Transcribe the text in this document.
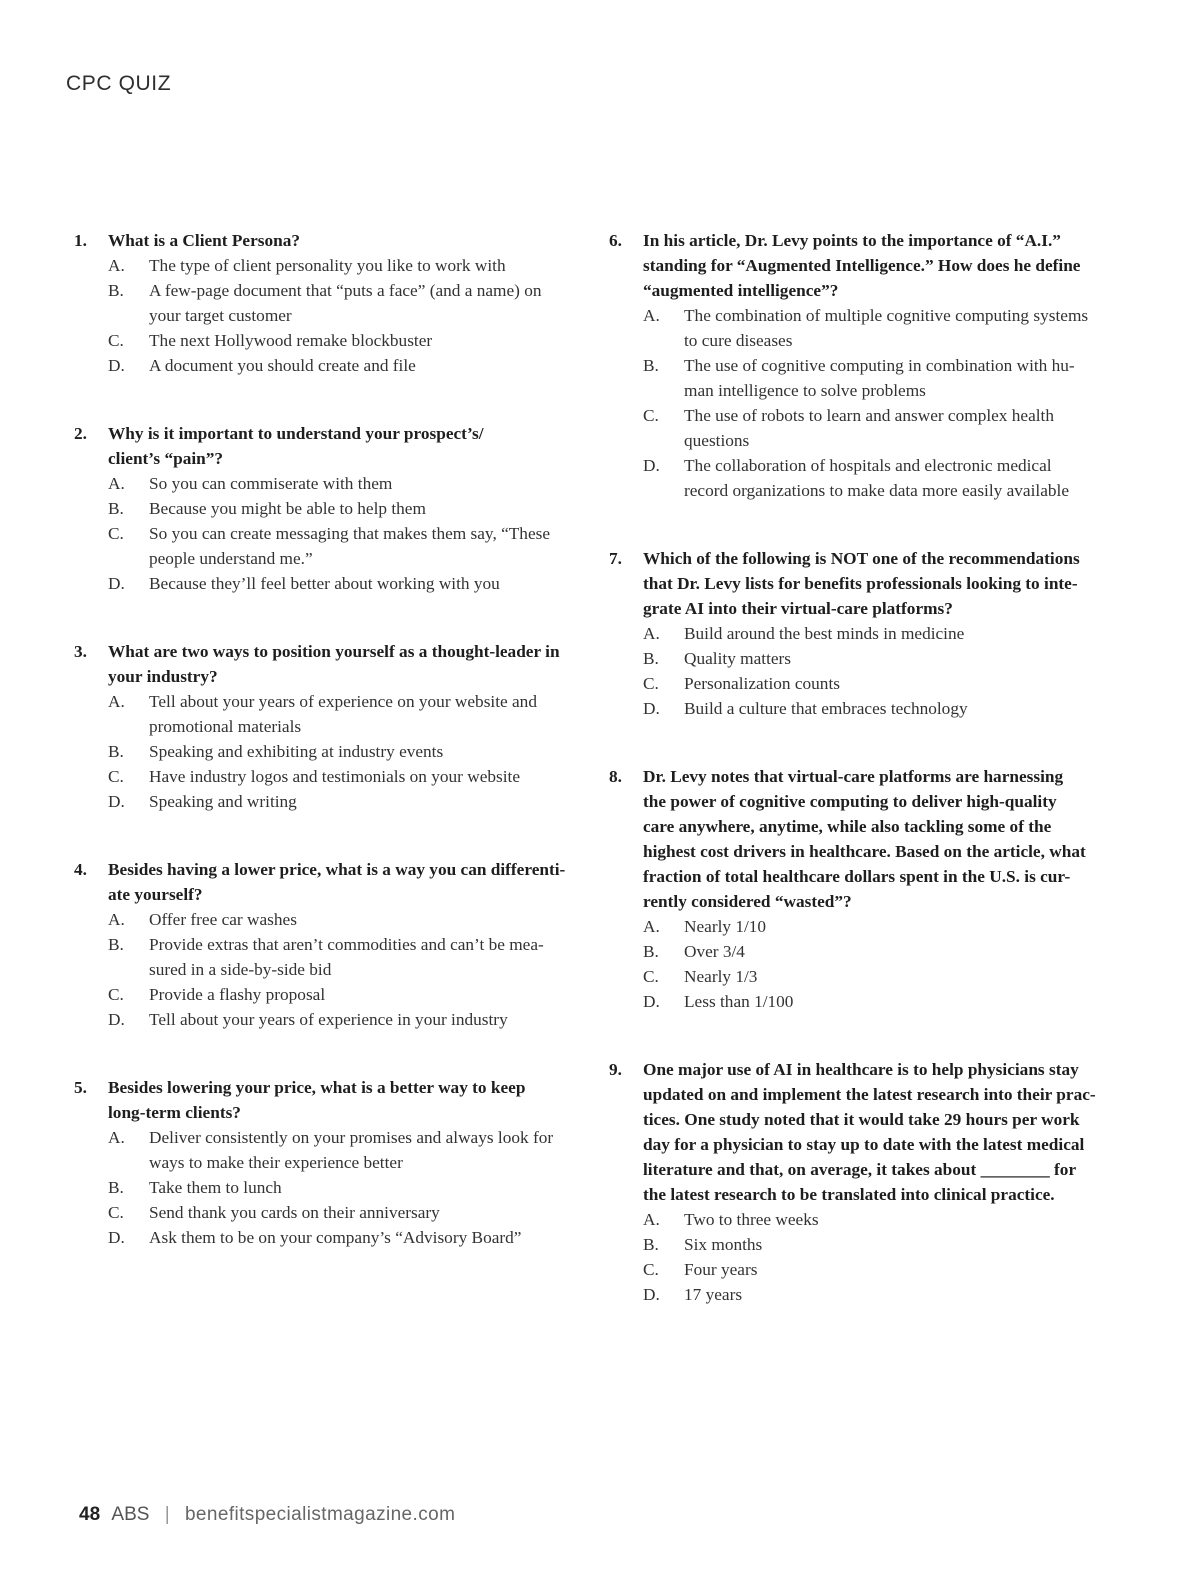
CPC QUIZ
1.	What is a Client Persona?
A.	The type of client personality you like to work with
B.	A few-page document that “puts a face” (and a name) on
your target customer
C.	The next Hollywood remake blockbuster
D.	A document you should create and file
2.	Why is it important to understand your prospect’s/
client’s “pain”?
A.	So you can commiserate with them
B.	Because you might be able to help them
C.	So you can create messaging that makes them say, “These
people understand me.”
D.	Because they’ll feel better about working with you
3.	What are two ways to position yourself as a thought-leader in
your industry?
A.	Tell about your years of experience on your website and
promotional materials
B.	Speaking and exhibiting at industry events
C.	Have industry logos and testimonials on your website
D.	Speaking and writing
4.	Besides having a lower price, what is a way you can differenti-
ate yourself?
A.	Offer free car washes
B.	Provide extras that aren’t commodities and can’t be mea-
sured in a side-by-side bid
C.	Provide a flashy proposal
D.	Tell about your years of experience in your industry
5.	Besides lowering your price, what is a better way to keep
long-term clients?
A.	Deliver consistently on your promises and always look for
ways to make their experience better
B.	Take them to lunch
C.	Send thank you cards on their anniversary
D.	Ask them to be on your company’s “Advisory Board”
6.	In his article, Dr. Levy points to the importance of “A.I.”
standing for “Augmented Intelligence.” How does he define
“augmented intelligence”?
A.	The combination of multiple cognitive computing systems
to cure diseases
B.	The use of cognitive computing in combination with hu-
man intelligence to solve problems
C.	The use of robots to learn and answer complex health
questions
D.	The collaboration of hospitals and electronic medical
record organizations to make data more easily available
7.	Which of the following is NOT one of the recommendations
that Dr. Levy lists for benefits professionals looking to inte-
grate AI into their virtual-care platforms?
A.	Build around the best minds in medicine
B.	Quality matters
C.	Personalization counts
D.	Build a culture that embraces technology
8.	Dr. Levy notes that virtual-care platforms are harnessing
the power of cognitive computing to deliver high-quality
care anywhere, anytime, while also tackling some of the
highest cost drivers in healthcare. Based on the article, what
fraction of total healthcare dollars spent in the U.S. is cur-
rently considered “wasted”?
A.	Nearly 1/10
B.	Over 3/4
C.	Nearly 1/3
D.	Less than 1/100
9.	One major use of AI in healthcare is to help physicians stay
updated on and implement the latest research into their prac-
tices. One study noted that it would take 29 hours per work
day for a physician to stay up to date with the latest medical
literature and that, on average, it takes about ________ for
the latest research to be translated into clinical practice.
A.	Two to three weeks
B.	Six months
C.	Four years
D.	17 years
48 ABS | benefitspecialistmagazine.com
